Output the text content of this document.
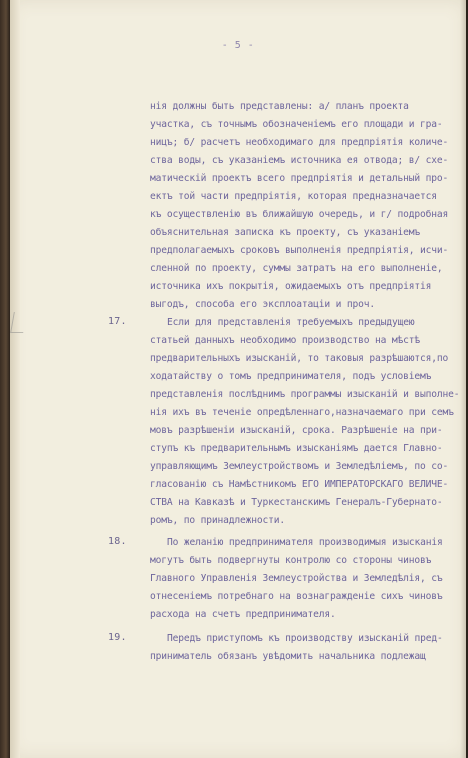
- 5 -
нія должны быть представлены: а/ планъ проекта
участка, съ точнымъ обозначеніемъ его площади и гра-
ницъ; б/ расчетъ необходимаго для предпріятія количе-
ства воды, съ указаніемъ источника ея отвода; в/ схе-
матическій проектъ всего предпріятія и детальный про-
ектъ той части предпріятія, которая предназначается
къ осуществленію въ ближайшую очередь, и г/ подробная
объяснительная записка къ проекту, съ указаніемъ
предполагаемыхъ сроковъ выполненія предпріятія, исчи-
сленной по проекту, суммы затратъ на его выполненіе,
источника ихъ покрытія, ожидаемыхъ отъ предпріятія
выгодъ, способа его эксплоатаціи и проч.
17.	Если для представленія требуемыхъ предыдущею
статьей данныхъ необходимо производство на мѣстѣ
предварительныхъ изысканій, то таковыя разрѣшаются,по
ходатайству о томъ предпринимателя, подъ условіемъ
представленія послѣднимъ программы изысканій и выполне-
нія ихъ въ теченіе опредѣленнаго,назначаемаго при семъ
мовъ разрѣшеніи изысканій, срока. Разрѣшеніе на при-
ступъ къ предварительнымъ изысканіямъ дается Главно-
управляющимъ Землеустройствомъ и Земледѣліемъ, по со-
гласованію съ Намѣстникомъ ЕГО ИМПЕРАТОРСКАГО ВЕЛИЧЕ-
СТВА на Кавказѣ и Туркестанскимъ Генералъ-Губернато-
ромъ, по принадлежности.
18.	По желанію предпринимателя производимыя изысканія
могутъ быть подвергнуты контролю со стороны чиновъ
Главного Управленія Землеустройства и Земледѣлія, съ
отнесеніемъ потребнаго на вознагражденіе сихъ чиновъ
расхода на счетъ предпринимателя.
19.	Передъ приступомъ къ производству изысканій пред-
приниматель обязанъ увѣдомить начальника подлежащ
